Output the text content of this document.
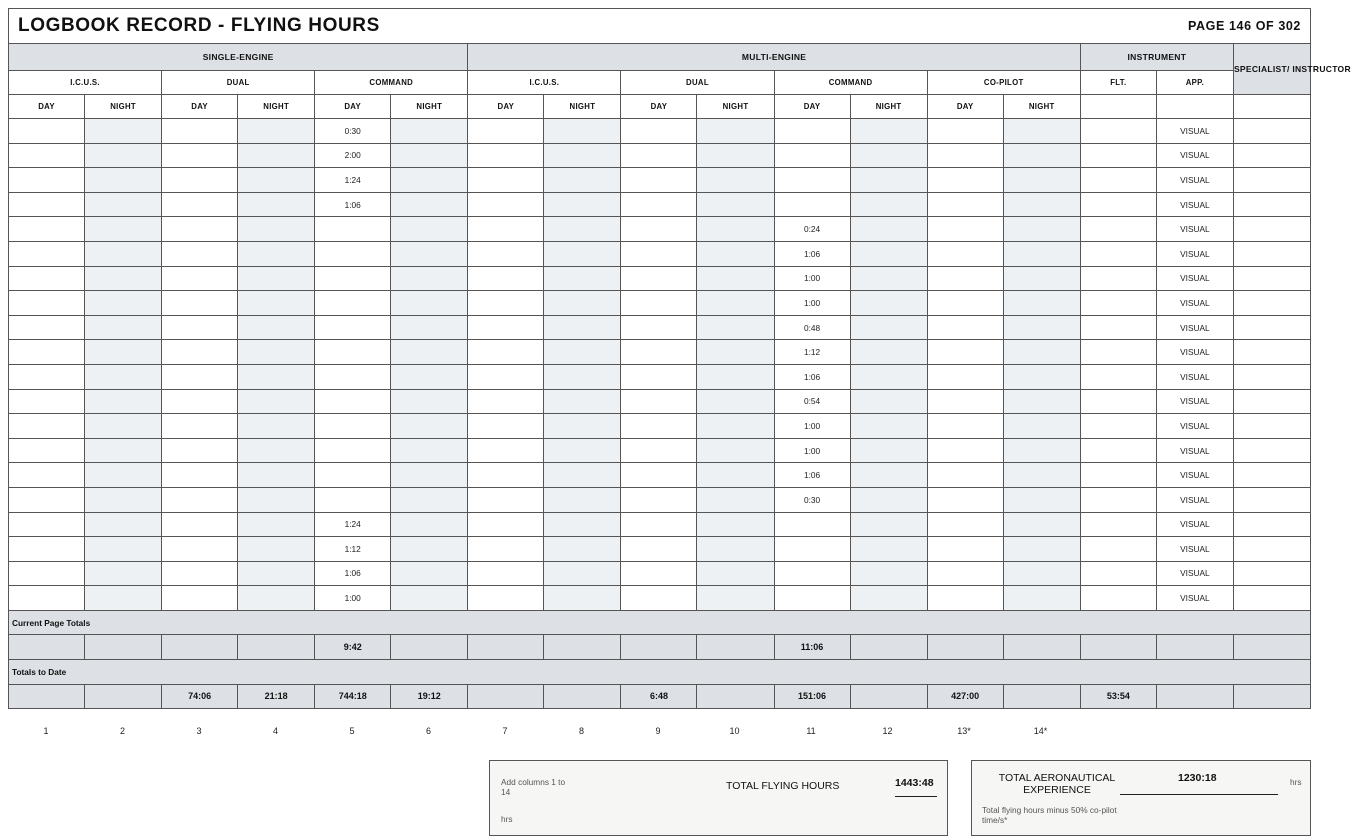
LOGBOOK RECORD - FLYING HOURS	PAGE 146 OF 302
SINGLE-ENGINE						MULTI-ENGINE								INSTRUMENT		SPECIALIST/ INSTRUCTOR
I.C.U.S.		DUAL		COMMAND		I.C.U.S.		DUAL		COMMAND		CO-PILOT		FLT.	APP.	
DAY	NIGHT	DAY	NIGHT	DAY	NIGHT	DAY	NIGHT	DAY	NIGHT	DAY	NIGHT	DAY	NIGHT			
				0:30											VISUAL	
				2:00											VISUAL	
				1:24											VISUAL	
				1:06											VISUAL	
										0:24					VISUAL	
										1:06					VISUAL	
										1:00					VISUAL	
										1:00					VISUAL	
										0:48					VISUAL	
										1:12					VISUAL	
										1:06					VISUAL	
										0:54					VISUAL	
										1:00					VISUAL	
										1:00					VISUAL	
										1:06					VISUAL	
										0:30					VISUAL	
				1:24											VISUAL	
				1:12											VISUAL	
				1:06											VISUAL	
				1:00											VISUAL	
Current Page Totals																
				9:42						11:06						
Totals to Date																
		74:06	21:18	744:18	19:12			6:48		151:06		427:00		53:54		
1	2	3	4	5	6	7	8	9	10	11	12	13*	14*
Add columns 1 to 14
hrs
TOTAL FLYING HOURS	1443:48	TOTAL AERONAUTICAL EXPERIENCE
1230:18	hrs
Total flying hours minus 50% co-pilot time/s*
